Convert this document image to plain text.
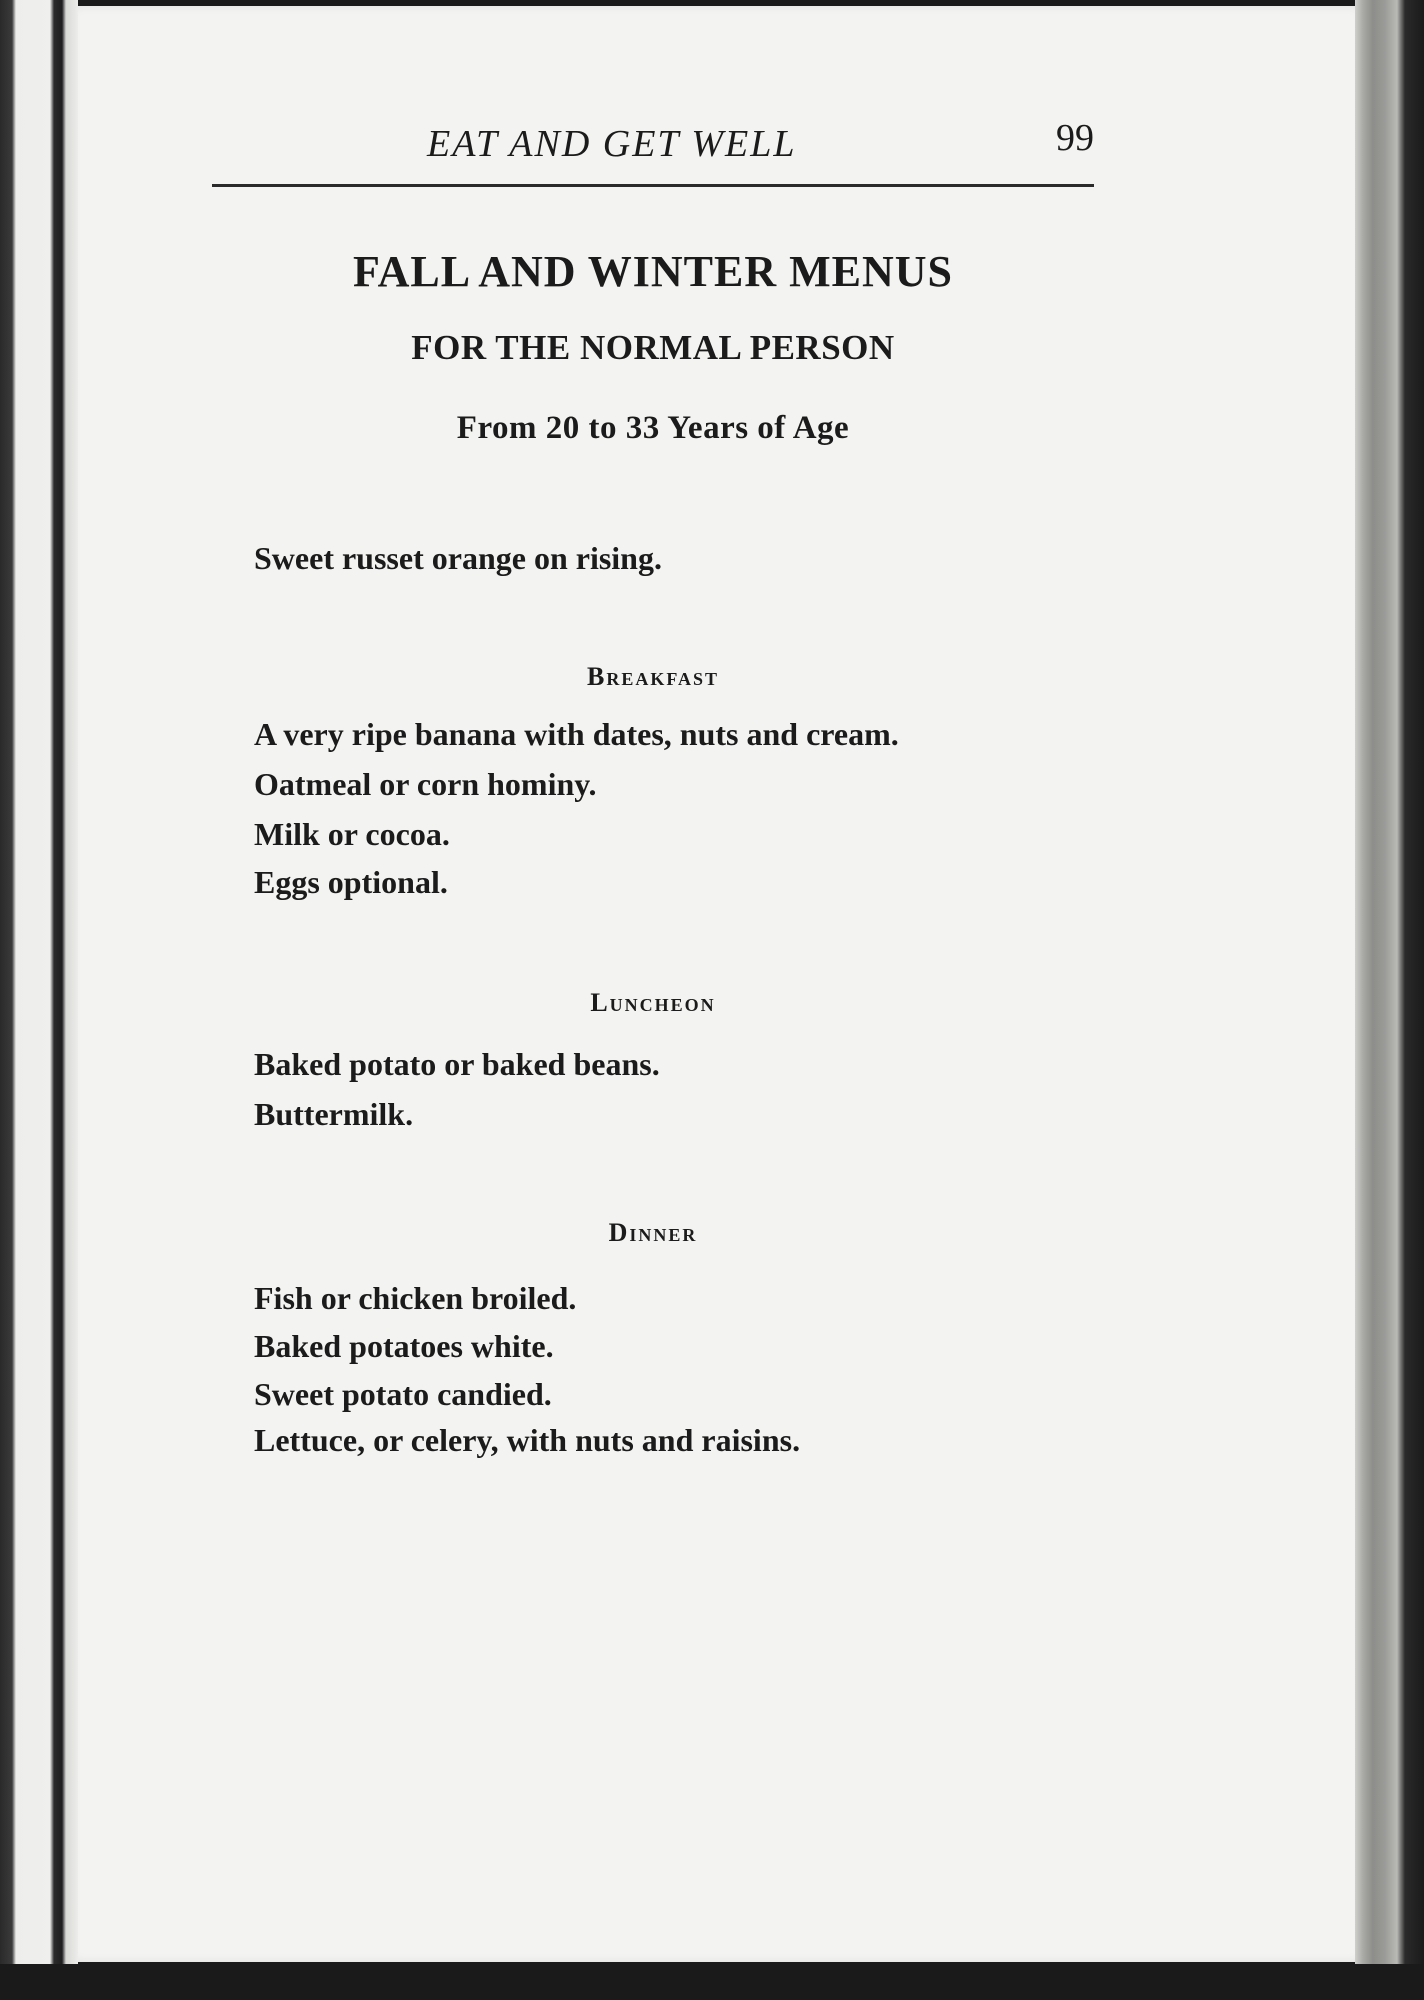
EAT AND GET WELL	99
FALL AND WINTER MENUS
FOR THE NORMAL PERSON
From 20 to 33 Years of Age
Sweet russet orange on rising.
Breakfast
A very ripe banana with dates, nuts and cream.
Oatmeal or corn hominy.
Milk or cocoa.
Eggs optional.
Luncheon
Baked potato or baked beans.
Buttermilk.
Dinner
Fish or chicken broiled.
Baked potatoes white.
Sweet potato candied.
Lettuce, or celery, with nuts and raisins.
